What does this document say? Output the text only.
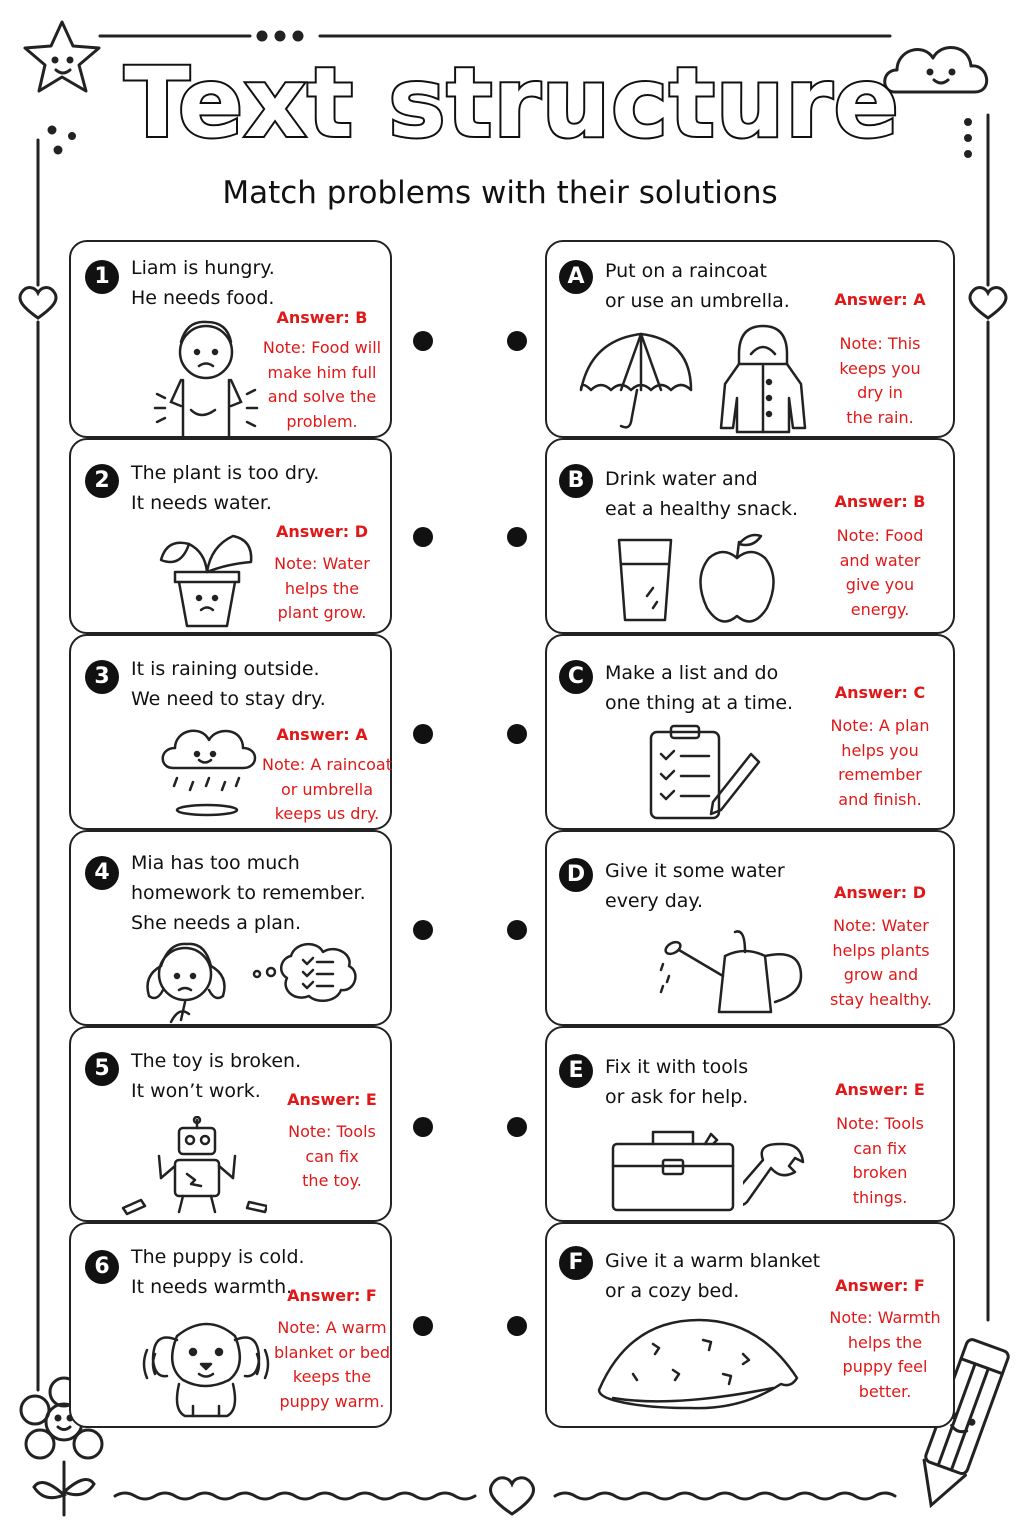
Text structure
Match problems with their solutions
1	Liam is hungry.
He needs food.
Answer: B
Note: Food will
make him full
and solve the
problem.
2	The plant is too dry.
It needs water.
Answer: D
Note: Water
helps the
plant grow.
3	It is raining outside.
We need to stay dry.
Answer: A
Note: A raincoat
or umbrella
keeps us dry.
4	Mia has too much
homework to remember.
She needs a plan.
5	The toy is broken.
It won’t work.	Answer: E
Note: Tools
can fix
the toy.
6	The puppy is cold.
It needs warmth.
Answer: F
Note: A warm
blanket or bed
keeps the
puppy warm.
A	Put on a raincoat
or use an umbrella.	Answer: A
Note: This
keeps you
dry in
the rain.
B	Drink water and
eat a healthy snack.	Answer: B
Note: Food
and water
give you
energy.
C	Make a list and do
one thing at a time.	Answer: C
Note: A plan
helps you
remember
and finish.
D	Give it some water
every day.	Answer: D
Note: Water
helps plants
grow and
stay healthy.
E	Fix it with tools
or ask for help.	Answer: E
Note: Tools
can fix
broken
things.
F	Give it a warm blanket
or a cozy bed.	Answer: F
Note: Warmth
helps the
puppy feel
better.
